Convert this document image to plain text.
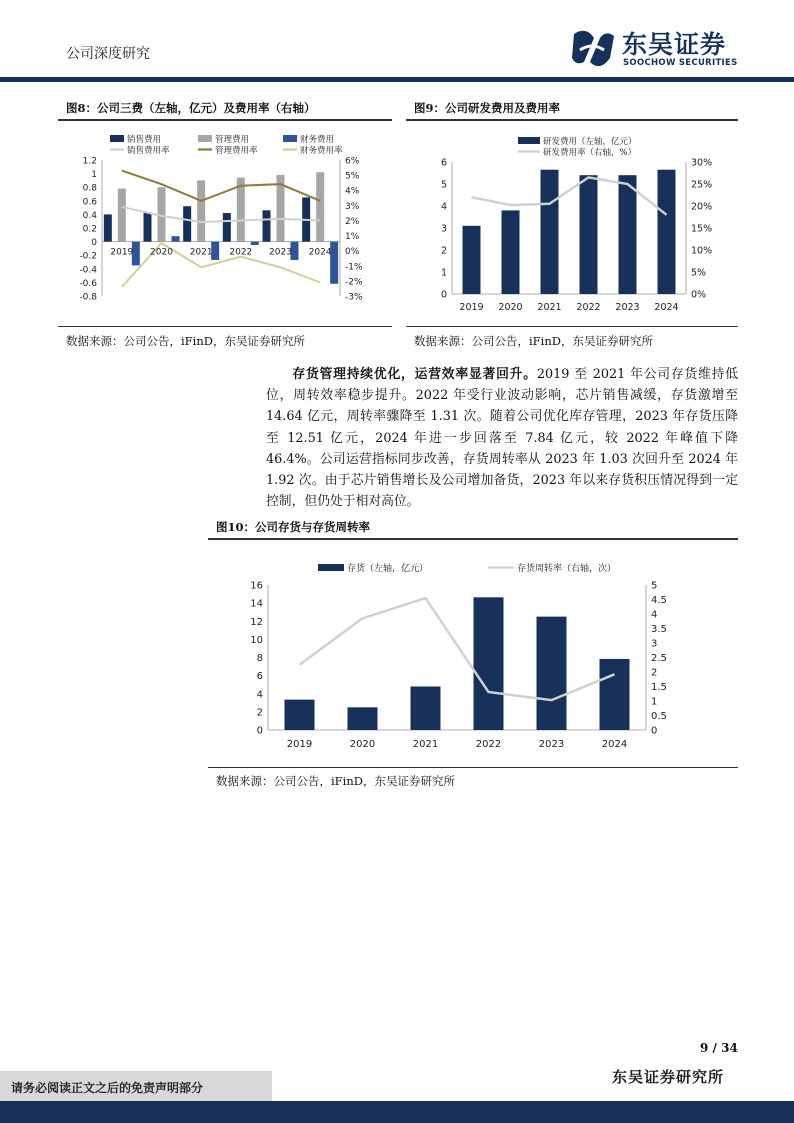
公司深度研究	东吴证券
SOOCHOW SECURITIES
图8：公司三费（左轴，亿元）及费用率（右轴）
1.2
1
0.8
0.6
0.4
0.2
0
-0.2
-0.4
-0.6
-0.8
6%
5%
4%
3%
2%
1%
0%
-1%
-2%
-3%
2019 2020 2021 2022 2023 2024
销售费用	管理费用	财务费用
销售费用率	管理费用率	财务费用率
数据来源：公司公告，iFinD，东吴证券研究所
图9：公司研发费用及费用率
6
5
4
3
2
1
0
30%
25%
20%
15%
10%
5%
0%
2019 2020 2021 2022 2023 2024
研发费用（左轴，亿元）
研发费用率（右轴，%）
数据来源：公司公告，iFinD，东吴证券研究所
  存货管理持续优化，运营效率显著回升。2019 至 2021 年公司存货维持低位，周转效率稳步提升。2022 年受行业波动影响，芯片销售减缓，存货激增至 14.64 亿元，周转率骤降至 1.31 次。随着公司优化库存管理，2023 年存货压降至 12.51 亿元，2024 年进一步回落至 7.84 亿元，较 2022 年峰值下降 46.4%。公司运营指标同步改善，存货周转率从 2023 年 1.03 次回升至 2024 年 1.92 次。由于芯片销售增长及公司增加备货，2023 年以来存货积压情况得到一定控制，但仍处于相对高位。
图10：公司存货与存货周转率
16
14
12
10
8
6
4
2
0
5
4.5
4
3.5
3
2.5
2
1.5
1
0.5
0
2019	2020	2021	2022	2023	2024
存货（左轴，亿元）	存货周转率（右轴，次）
数据来源：公司公告，iFinD，东吴证券研究所
9 / 34
东吴证券研究所
请务必阅读正文之后的免责声明部分
